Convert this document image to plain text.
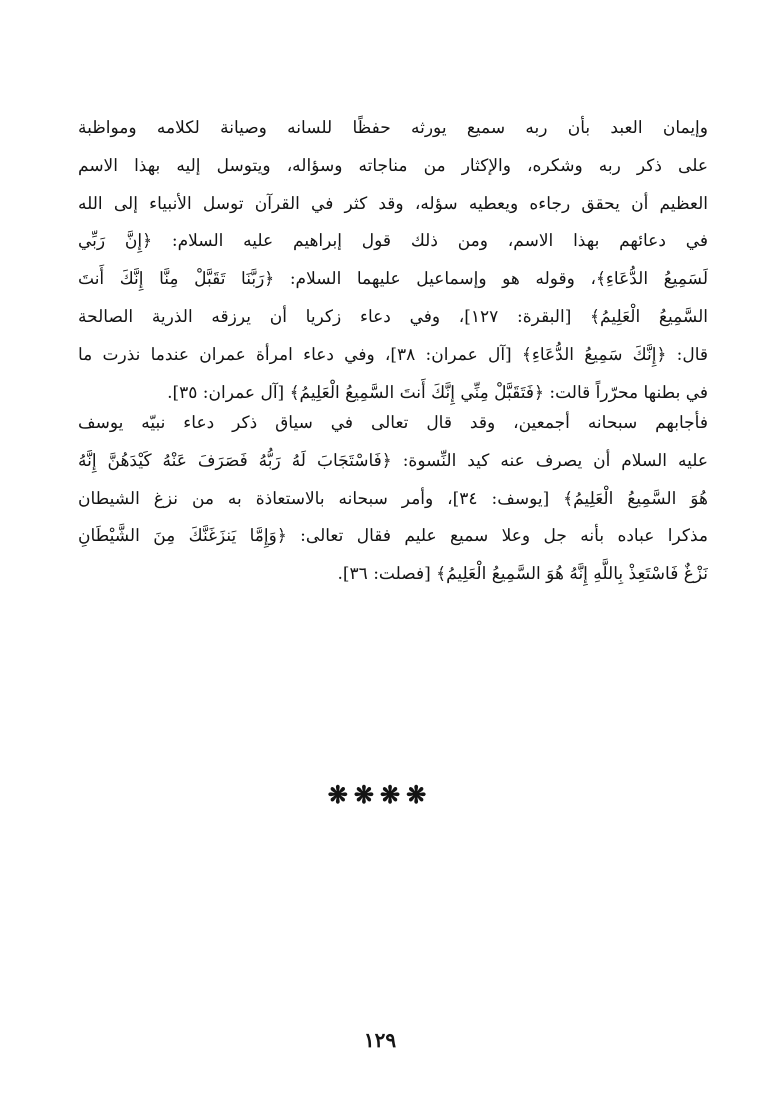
وإيمان العبد بأن ربه سميع يورثه حفظًا للسانه وصيانة لكلامه ومواظبة
على ذكر ربه وشكره، والإكثار من مناجاته وسؤاله، ويتوسل إليه بهذا الاسم
العظيم أن يحقق رجاءه ويعطيه سؤله، وقد كثر في القرآن توسل الأنبياء إلى الله
في دعائهم بهذا الاسم، ومن ذلك قول إبراهيم عليه السلام: ﴿إِنَّ رَبِّي
لَسَمِيعُ الدُّعَاءِ﴾، وقوله هو وإسماعيل عليهما السلام: ﴿رَبَّنَا تَقَبَّلْ مِنَّا إِنَّكَ أَنتَ
السَّمِيعُ الْعَلِيمُ﴾ [البقرة: ١٢٧]، وفي دعاء زكريا أن يرزقه الذرية الصالحة
قال: ﴿إِنَّكَ سَمِيعُ الدُّعَاءِ﴾ [آل عمران: ٣٨]، وفي دعاء امرأة عمران عندما نذرت ما
في بطنها محرّراً قالت: ﴿فَتَقَبَّلْ مِنِّي إِنَّكَ أَنتَ السَّمِيعُ الْعَلِيمُ﴾ [آل عمران: ٣٥].
فأجابهم سبحانه أجمعين، وقد قال تعالى في سياق ذكر دعاء نبيّه يوسف
عليه السلام أن يصرف عنه كيد النِّسوة: ﴿فَاسْتَجَابَ لَهُ رَبُّهُ فَصَرَفَ عَنْهُ كَيْدَهُنَّ إِنَّهُ
هُوَ السَّمِيعُ الْعَلِيمُ﴾ [يوسف: ٣٤]، وأمر سبحانه بالاستعاذة به من نزغ الشيطان
مذكرا عباده بأنه جل وعلا سميع عليم فقال تعالى: ﴿وَإِمَّا يَنزَغَنَّكَ مِنَ الشَّيْطَانِ
نَزْغٌ فَاسْتَعِذْ بِاللَّهِ إِنَّهُ هُوَ السَّمِيعُ الْعَلِيمُ﴾ [فصلت: ٣٦].
❋❋❋❋
١٢٩
